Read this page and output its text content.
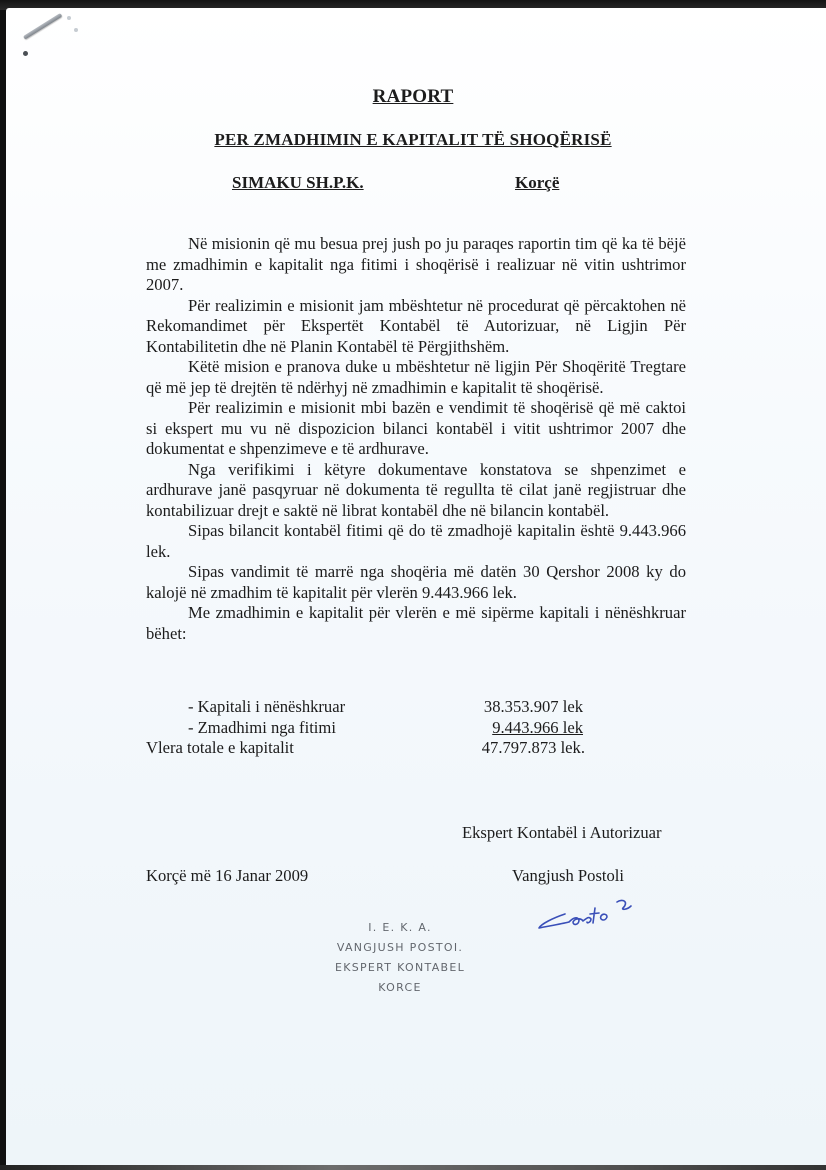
RAPORT
PER ZMADHIMIN E KAPITALIT TË SHOQËRISË
SIMAKU SH.P.K.	Korçë

Në misionin që mu besua prej jush po ju paraqes raportin tim që ka të bëjë me zmadhimin e kapitalit nga fitimi i shoqërisë i realizuar në vitin ushtrimor 2007.

Për realizimin e misionit jam mbështetur në procedurat që përcaktohen në Rekomandimet për Ekspertët Kontabël të Autorizuar, në Ligjin Për Kontabilitetin dhe në Planin Kontabël të Përgjithshëm.

Këtë mision e pranova duke u mbështetur në ligjin Për Shoqëritë Tregtare që më jep të drejtën të ndërhyj në zmadhimin e kapitalit të shoqërisë.

Për realizimin e misionit mbi bazën e vendimit të shoqërisë që më caktoi si ekspert mu vu në dispozicion bilanci kontabël i vitit ushtrimor 2007 dhe dokumentat e shpenzimeve e të ardhurave.

Nga verifikimi i këtyre dokumentave konstatova se shpenzimet e ardhurave janë pasqyruar në dokumenta të regullta të cilat janë regjistruar dhe kontabilizuar drejt e saktë në librat kontabël dhe në bilancin kontabël.

Sipas bilancit kontabël fitimi që do të zmadhojë kapitalin është 9.443.966 lek.

Sipas vandimit të marrë nga shoqëria më datën 30 Qershor 2008 ky do kalojë në zmadhim të kapitalit për vlerën 9.443.966 lek.

Me zmadhimin e kapitalit për vlerën e më sipërme kapitali i nënëshkruar bëhet:

- Kapitali i nënëshkruar	38.353.907 lek
- Zmadhimi nga fitimi	9.443.966 lek
Vlera totale e kapitalit	47.797.873 lek.
Ekspert Kontabël i Autorizuar
Korçë më 16 Janar 2009	Vangjush Postoli
I. E. K. A.
VANGJUSH POSTOI.
EKSPERT KONTABEL
KORCE
